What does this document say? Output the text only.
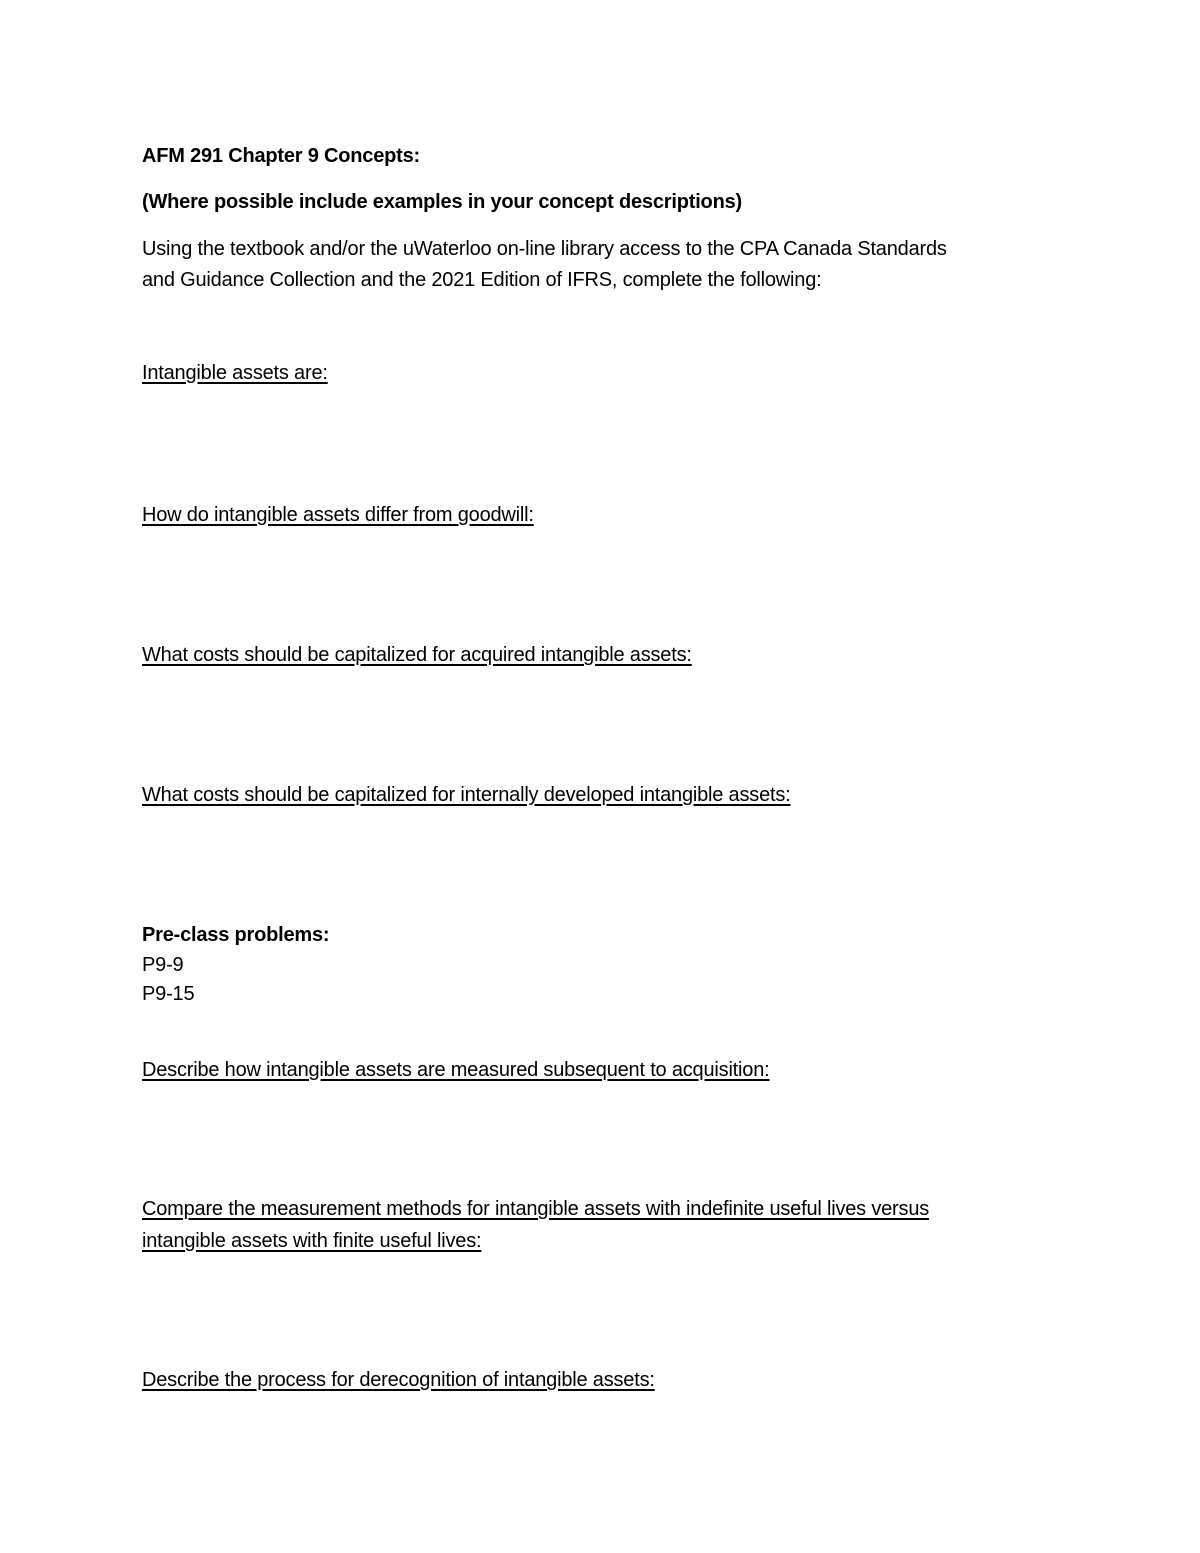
AFM 291 Chapter 9 Concepts:
(Where possible include examples in your concept descriptions)
Using the textbook and/or the uWaterloo on-line library access to the CPA Canada Standards
and Guidance Collection and the 2021 Edition of IFRS, complete the following:
Intangible assets are:
How do intangible assets differ from goodwill:
What costs should be capitalized for acquired intangible assets:
What costs should be capitalized for internally developed intangible assets:
Pre-class problems:
P9-9
P9-15
Describe how intangible assets are measured subsequent to acquisition:
Compare the measurement methods for intangible assets with indefinite useful lives versus
intangible assets with finite useful lives:
Describe the process for derecognition of intangible assets:
